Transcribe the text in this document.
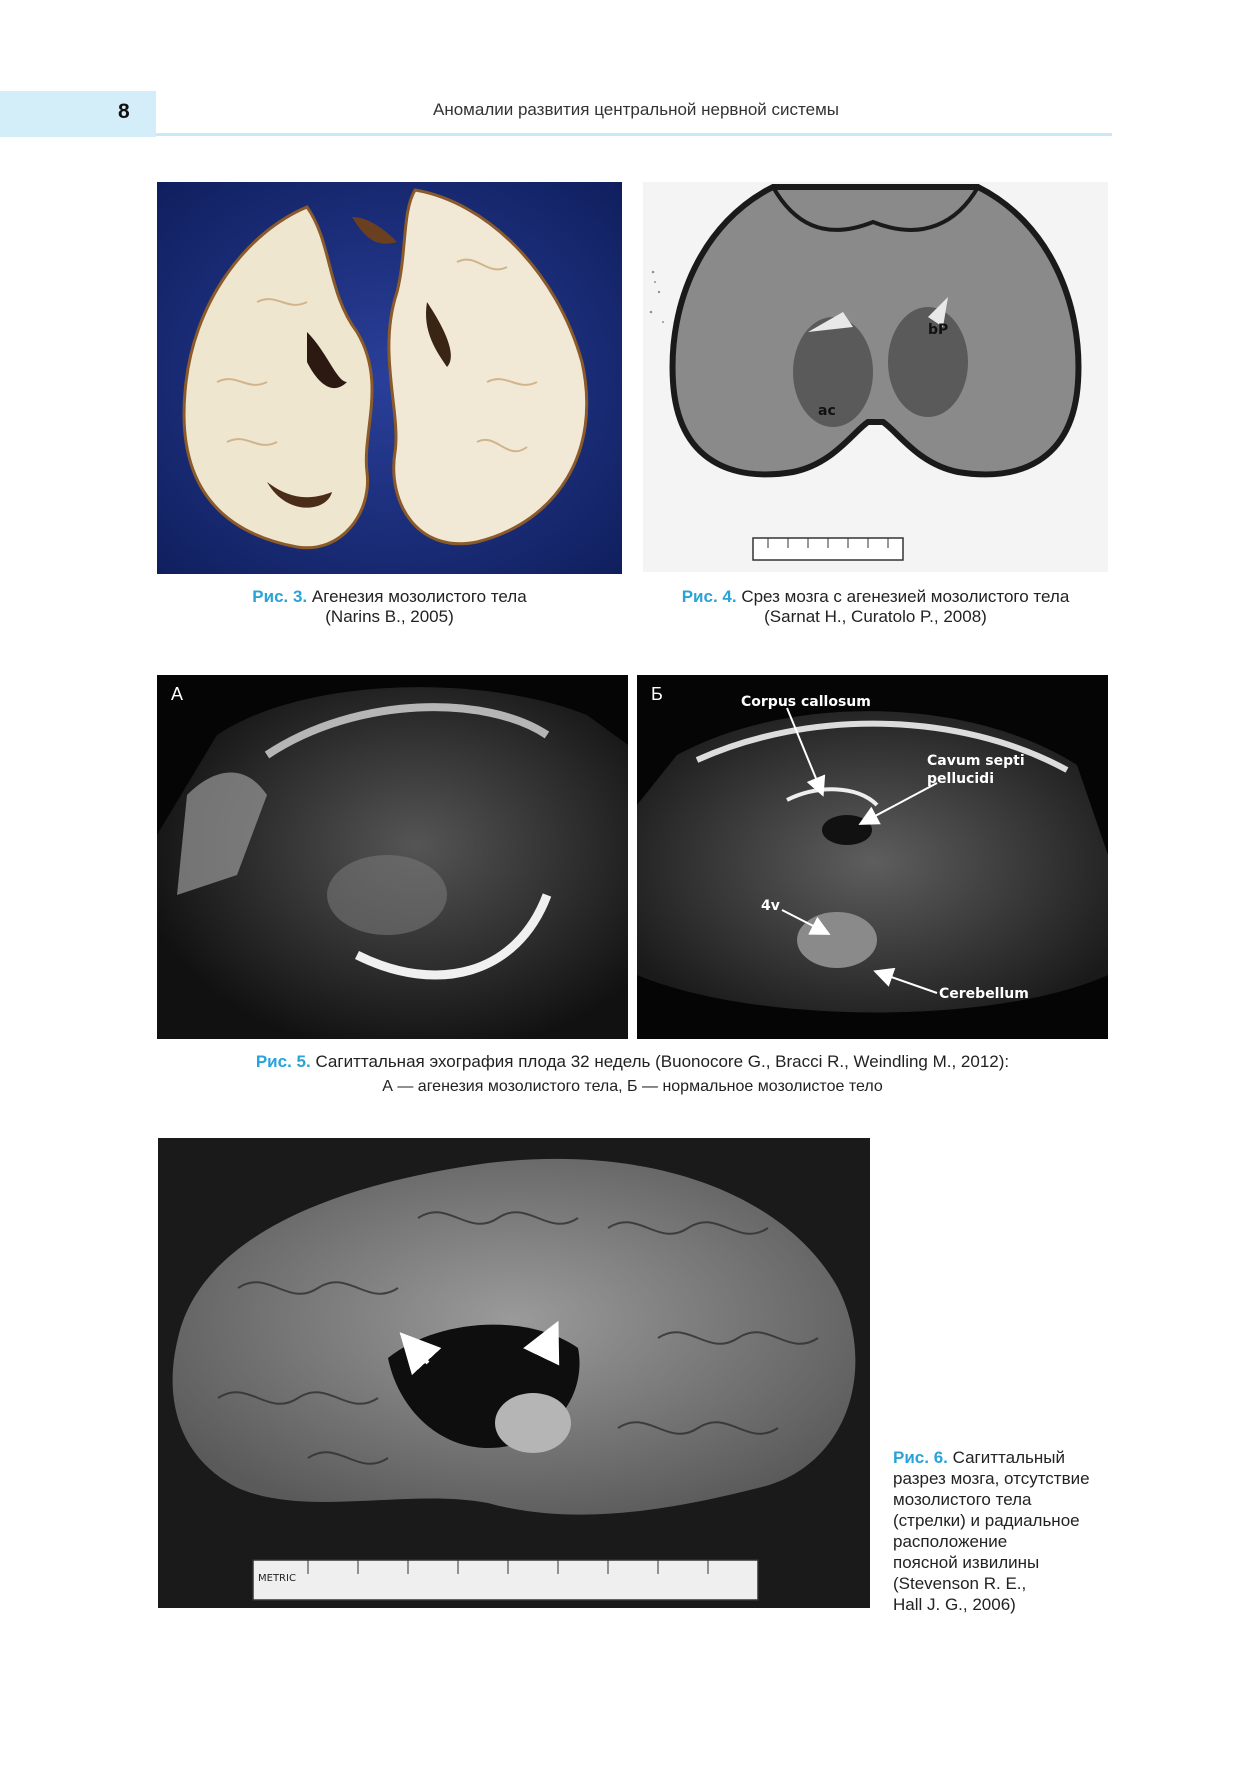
8	Аномалии развития центральной нервной системы
bP
ac
Рис. 3. Агенезия мозолистого тела
(Narins B., 2005)
Рис. 4. Срез мозга с агенезией мозолистого тела
(Sarnat H., Curatolo P., 2008)
А	Б	Corpus callosum
Cavum septi
pellucidi
4v
Cerebellum
Рис. 5. Сагиттальная эхография плода 32 недель (Buonocore G., Bracci R., Weindling M., 2012):
А — агенезия мозолистого тела, Б — нормальное мозолистое тело
METRIC
Рис. 6. Сагиттальный
разрез мозга, отсутствие
мозолистого тела
(стрелки) и радиальное
расположение
поясной извилины
(Stevenson R. E.,
Hall J. G., 2006)
